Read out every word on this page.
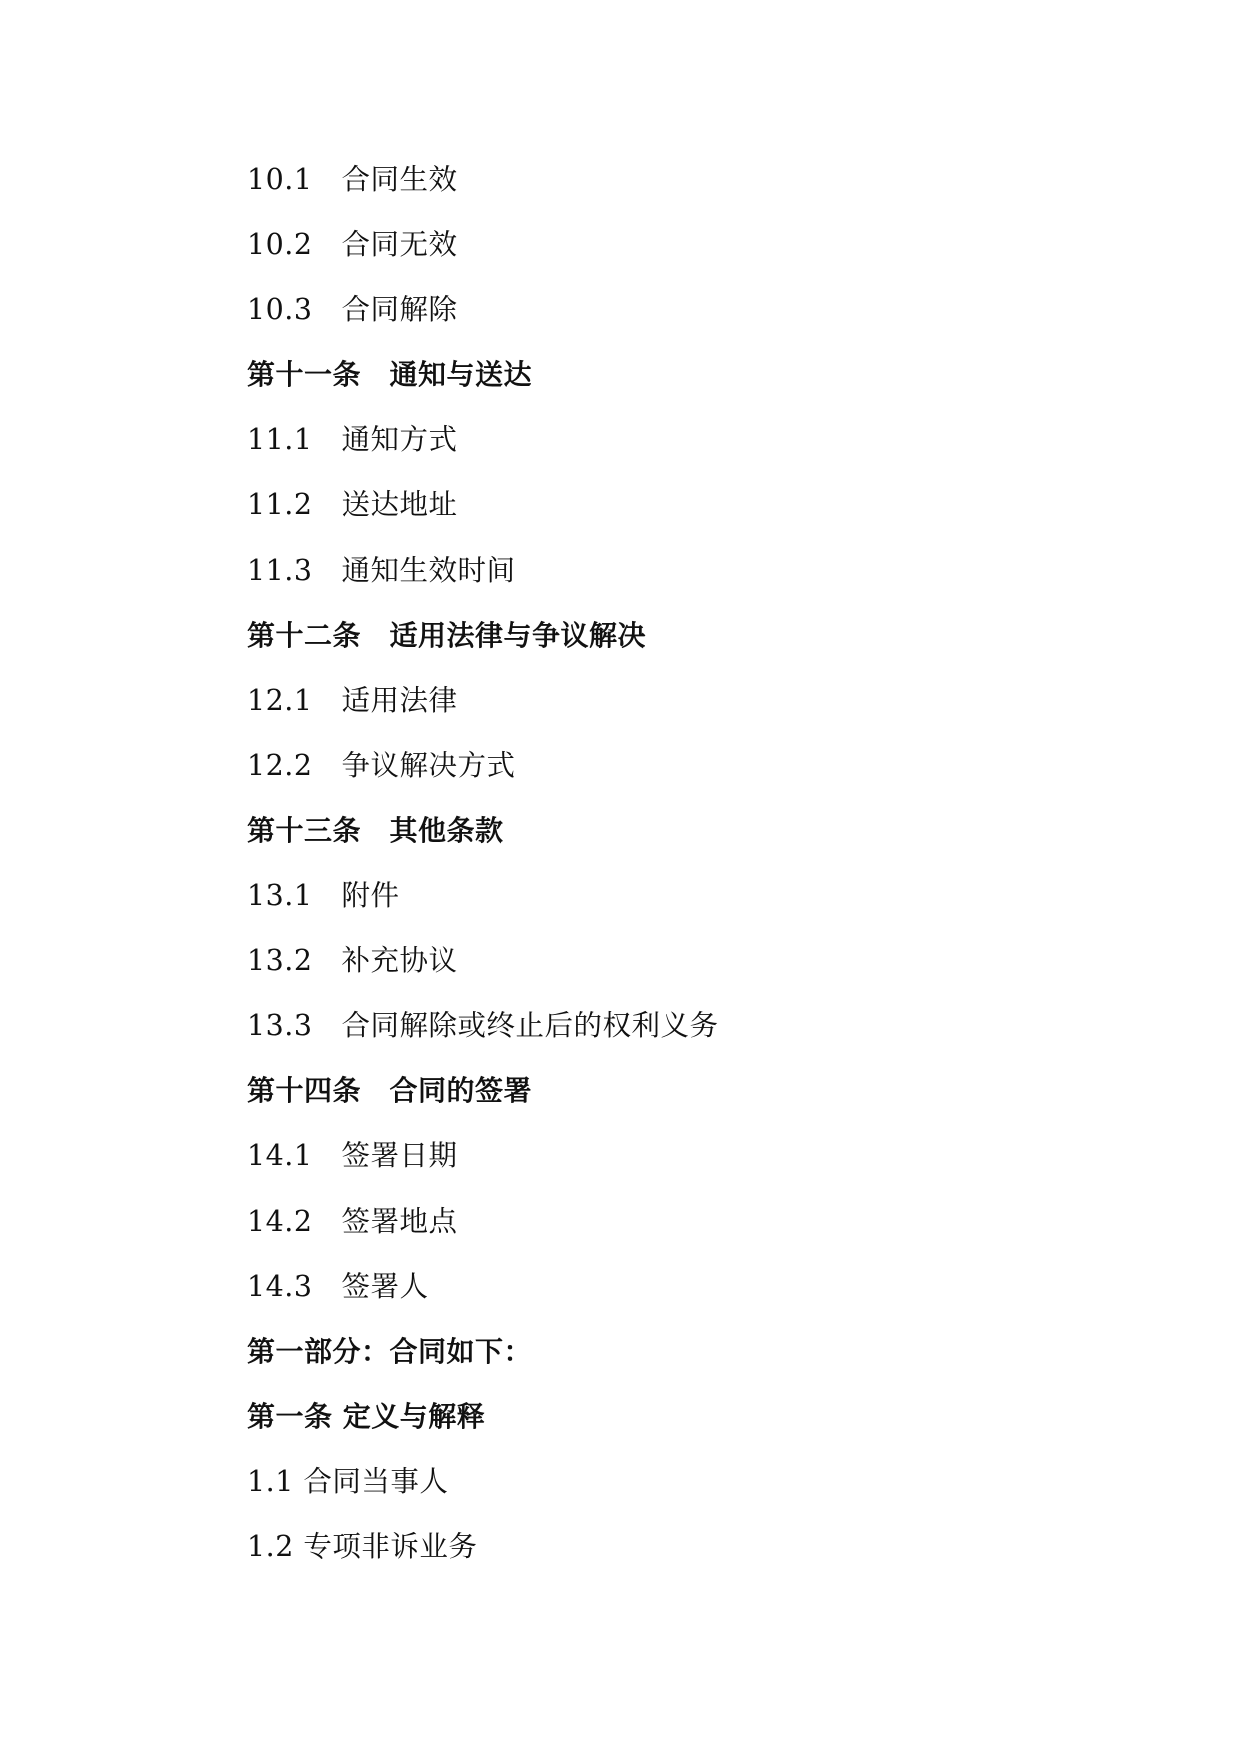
10.1　合同生效
10.2　合同无效
10.3　合同解除
第十一条　通知与送达
11.1　通知方式
11.2　送达地址
11.3　通知生效时间
第十二条　适用法律与争议解决
12.1　适用法律
12.2　争议解决方式
第十三条　其他条款
13.1　附件
13.2　补充协议
13.3　合同解除或终止后的权利义务
第十四条　合同的签署
14.1　签署日期
14.2　签署地点
14.3　签署人
第一部分：合同如下：
第一条 定义与解释
1.1 合同当事人
1.2 专项非诉业务
